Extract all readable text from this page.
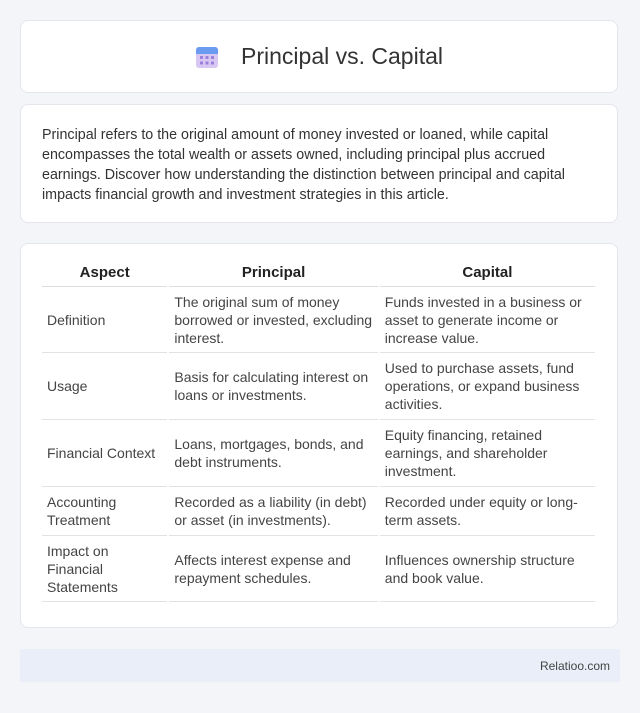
Principal vs. Capital

Principal refers to the original amount of money invested or loaned, while capital encompasses the total wealth or assets owned, including principal plus accrued earnings. Discover how understanding the distinction between principal and capital impacts financial growth and investment strategies in this article.

Aspect	Principal	Capital
Definition	The original sum of money borrowed or invested, excluding interest.	Funds invested in a business or asset to generate income or increase value.
Usage	Basis for calculating interest on loans or investments.	Used to purchase assets, fund operations, or expand business activities.
Financial Context	Loans, mortgages, bonds, and debt instruments.	Equity financing, retained earnings, and shareholder investment.
Accounting Treatment	Recorded as a liability (in debt) or asset (in investments).	Recorded under equity or long-term assets.
Impact on Financial Statements	Affects interest expense and repayment schedules.	Influences ownership structure and book value.
Relatioo.com
